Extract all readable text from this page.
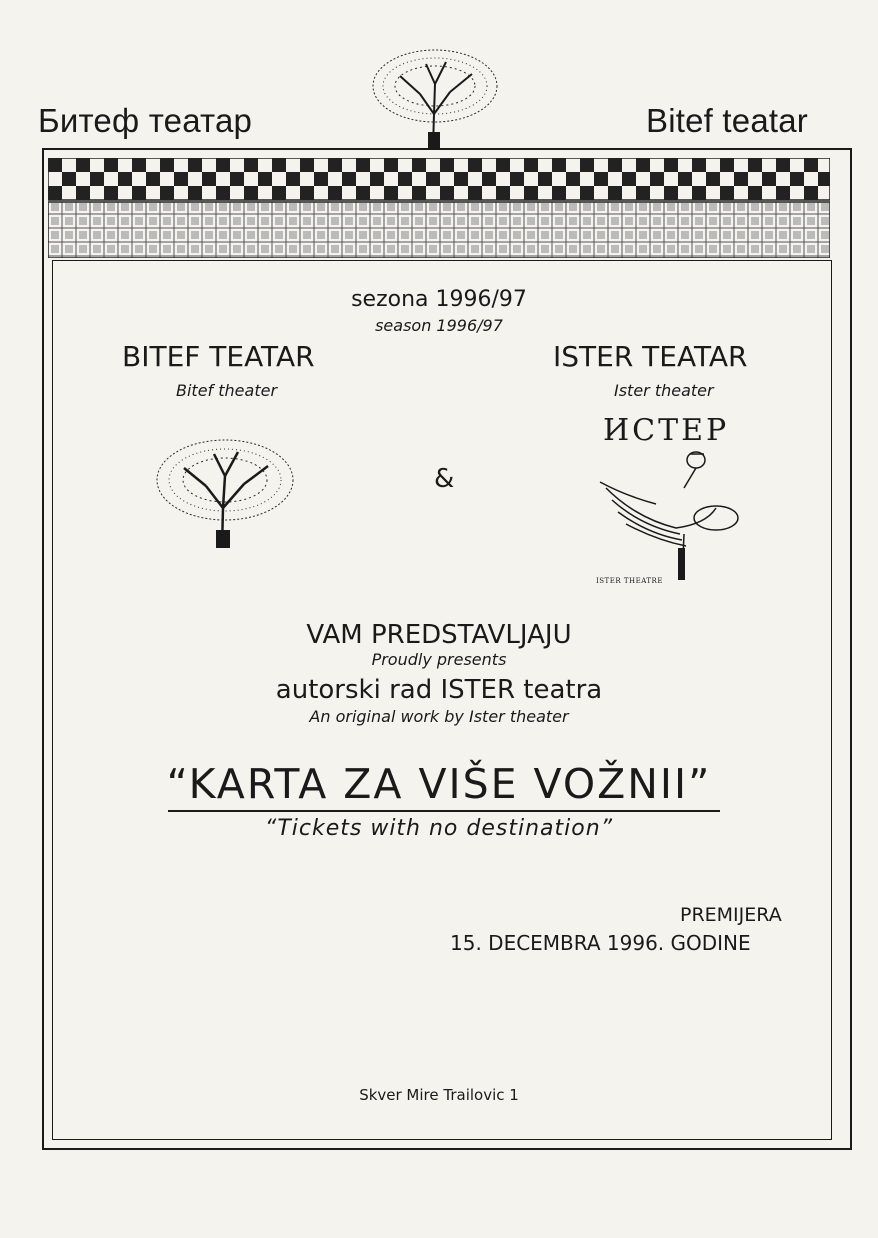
Битеф театар	Bitef teatar
sezona 1996/97
season 1996/97
BITEF TEATAR
Bitef theater
ISTER TEATAR
Ister theater
&
ИСТЕР
ISTER THEATRE
VAM PREDSTAVLJAJU
Proudly presents
autorski rad ISTER teatra
An original work by Ister theater
“KARTA ZA VIŠE VOŽNII”
“Tickets with no destination”
PREMIJERA
15. DECEMBRA 1996. GODINE
Skver Mire Trailovic 1
